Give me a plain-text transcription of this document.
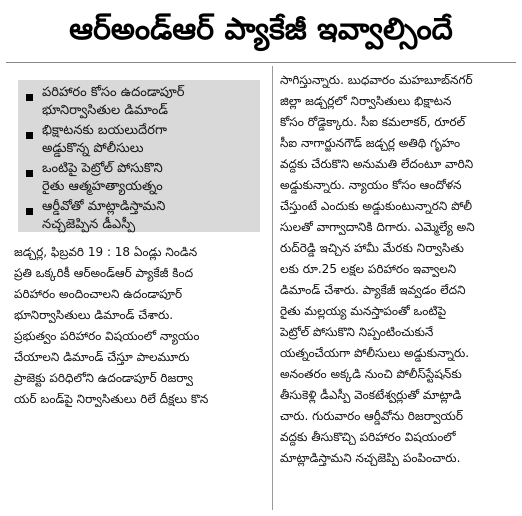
ఆర్‌అండ్‌ఆర్ ప్యాకేజీ ఇవ్వాల్సిందే
పరిహారం కోసం ఉదండాపూర్
భూనిర్వాసితుల డిమాండ్
భిక్షాటనకు బయలుదేరగా
అడ్డుకొన్న పోలీసులు
ఒంటిపై పెట్రోల్ పోసుకొని
రైతు ఆత్మహత్యాయత్నం
ఆర్డీవోతో మాట్లాడిస్తామని
నచ్చజెప్పిన డీఎస్పీ
జడ్చర్ల, ఫిబ్రవరి 19 : 18 ఏండ్లు నిండిన
ప్రతి ఒక్కరికీ ఆర్‌అండ్‌ఆర్ ప్యాకేజీ కింద
పరిహారం అందించాలని ఉదండాపూర్
భూనిర్వాసితులు డిమాండ్ చేశారు.
ప్రభుత్వం పరిహారం విషయంలో న్యాయం
చేయాలని డిమాండ్ చేస్తూ పాలమూరు
ప్రాజెక్టు పరిధిలోని ఉదండాపూర్ రిజర్వా
యర్ బండ్‌పై నిర్వాసితులు రిలే దీక్షలు కొన
సాగిస్తున్నారు. బుధవారం మహబూబ్‌నగర్
జిల్లా జడ్చర్లలో నిర్వాసితులు భిక్షాటన
కోసం రోడ్డెక్కారు. సీఐ కమలాకర్, రూరల్
సీఐ నాగార్జునగౌడ్ జడ్చర్ల అతిథి గృహం
వద్దకు చేరుకొని అనుమతి లేదంటూ వారిని
అడ్డుకున్నారు. న్యాయం కోసం ఆందోళన
చేస్తుంటే ఎందుకు అడ్డుకుంటున్నారని పోలీ
సులతో వాగ్వాదానికి దిగారు. ఎమ్మెల్యే అని
రుద్‌రెడ్డి ఇచ్చిన హామీ మేరకు నిర్వాసితు
లకు రూ.25 లక్షల పరిహారం ఇవ్వాలని
డిమాండ్ చేశారు. ప్యాకేజీ ఇవ్వడం లేదని
రైతు మల్లయ్య మనస్తాపంతో ఒంటిపై
పెట్రోల్ పోసుకొని నిప్పంటించుకునే
యత్నంచేయగా పోలీసులు అడ్డుకున్నారు.
అనంతరం అక్కడి నుంచి పోలీస్‌స్టేషన్‌కు
తీసుకెళ్లి డీఎస్పీ వెంకటేశ్వర్లుతో మాట్లాడి
చారు. గురువారం ఆర్డీవోను రిజర్వాయర్
వద్దకు తీసుకొచ్చి పరిహారం విషయంలో
మాట్లాడిస్తామని నచ్చజెప్పి పంపించారు.
